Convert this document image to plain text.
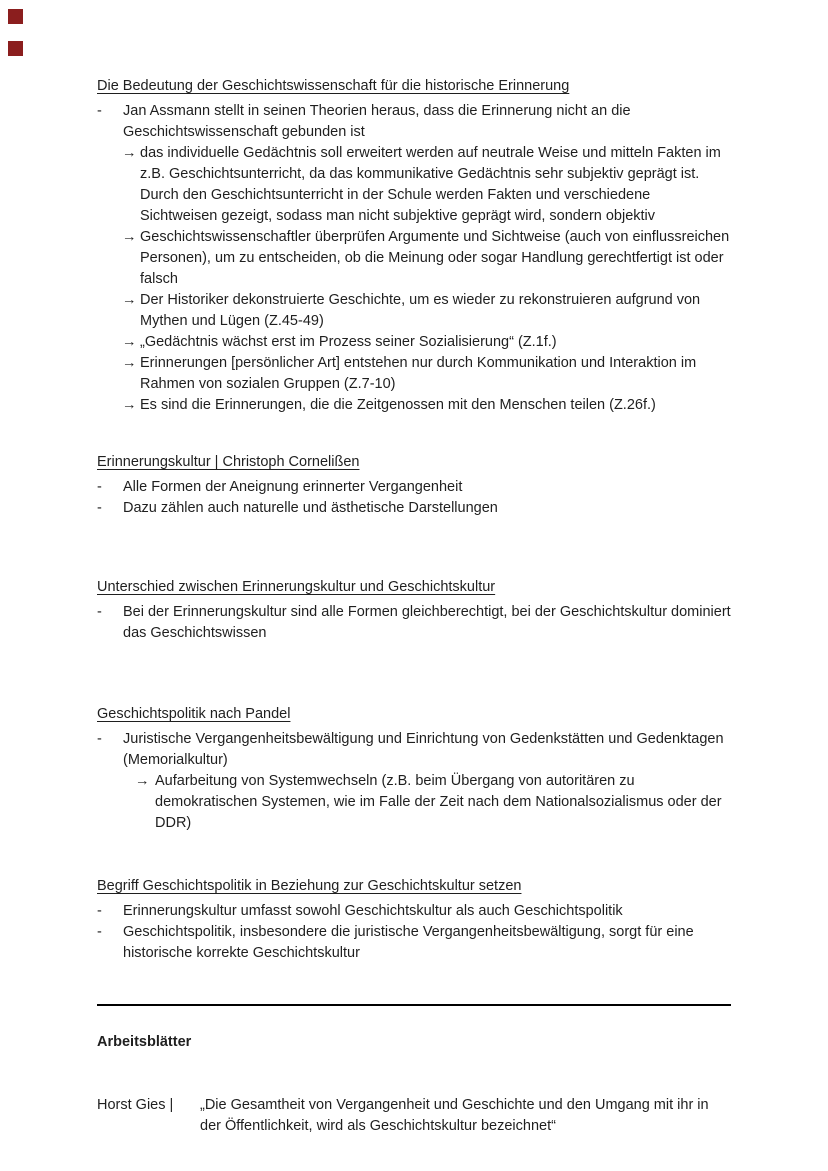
Die Bedeutung der Geschichtswissenschaft für die historische Erinnerung
-	Jan Assmann stellt in seinen Theorien heraus, dass die Erinnerung nicht an die Geschichtswissenschaft gebunden ist
→ das individuelle Gedächtnis soll erweitert werden auf neutrale Weise und mitteln Fakten im z.B. Geschichtsunterricht, da das kommunikative Gedächtnis sehr subjektiv geprägt ist. Durch den Geschichtsunterricht in der Schule werden Fakten und verschiedene Sichtweisen gezeigt, sodass man nicht subjektive geprägt wird, sondern objektiv
→ Geschichtswissenschaftler überprüfen Argumente und Sichtweise (auch von einflussreichen Personen), um zu entscheiden, ob die Meinung oder sogar Handlung gerechtfertigt ist oder falsch
→ Der Historiker dekonstruierte Geschichte, um es wieder zu rekonstruieren aufgrund von Mythen und Lügen (Z.45-49)
→ „Gedächtnis wächst erst im Prozess seiner Sozialisierung“ (Z.1f.)
→ Erinnerungen [persönlicher Art] entstehen nur durch Kommunikation und Interaktion im Rahmen von sozialen Gruppen (Z.7-10)
→ Es sind die Erinnerungen, die die Zeitgenossen mit den Menschen teilen (Z.26f.)
Erinnerungskultur | Christoph Cornelißen
-	Alle Formen der Aneignung erinnerter Vergangenheit
-	Dazu zählen auch naturelle und ästhetische Darstellungen
Unterschied zwischen Erinnerungskultur und Geschichtskultur
-	Bei der Erinnerungskultur sind alle Formen gleichberechtigt, bei der Geschichtskultur dominiert das Geschichtswissen
Geschichtspolitik nach Pandel
-	Juristische Vergangenheitsbewältigung und Einrichtung von Gedenkstätten und Gedenktagen (Memorialkultur)
→ Aufarbeitung von Systemwechseln (z.B. beim Übergang von autoritären zu demokratischen Systemen, wie im Falle der Zeit nach dem Nationalsozialismus oder der DDR)
Begriff Geschichtspolitik in Beziehung zur Geschichtskultur setzen
-	Erinnerungskultur umfasst sowohl Geschichtskultur als auch Geschichtspolitik
-	Geschichtspolitik, insbesondere die juristische Vergangenheitsbewältigung, sorgt für eine historische korrekte Geschichtskultur
Arbeitsblätter
Horst Gies |	„Die Gesamtheit von Vergangenheit und Geschichte und den Umgang mit ihr in der Öffentlichkeit, wird als Geschichtskultur bezeichnet“
